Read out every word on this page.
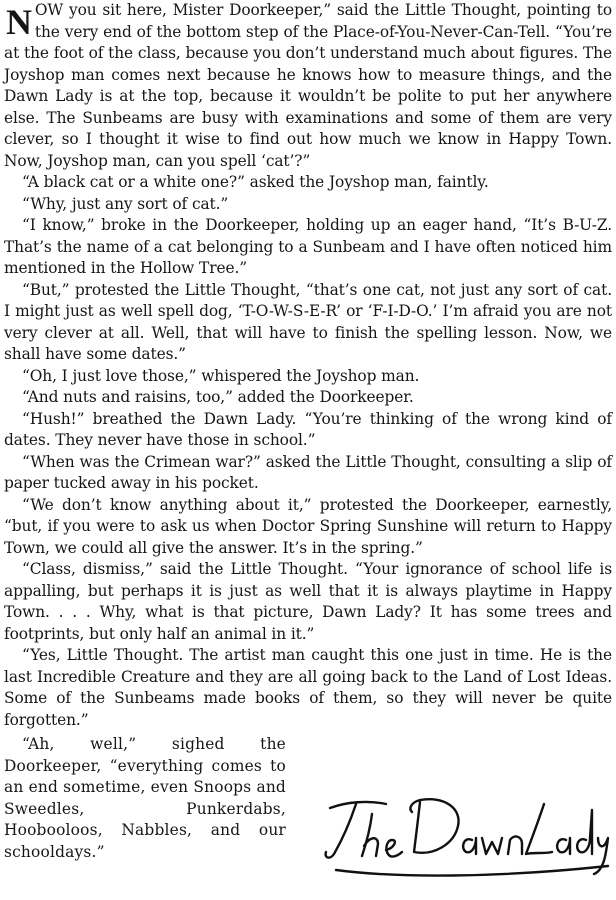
NOW you sit here, Mister Doorkeeper,” said the Little Thought, pointing to the very end of the bottom step of the Place-of-You-Never-Can-Tell. “You’re at the foot of the class, because you don’t understand much about figures. The Joyshop man comes next because he knows how to measure things, and the Dawn Lady is at the top, because it wouldn’t be polite to put her anywhere else. The Sunbeams are busy with examinations and some of them are very clever, so I thought it wise to find out how much we know in Happy Town. Now, Joyshop man, can you spell ‘cat’?”

“A black cat or a white one?” asked the Joyshop man, faintly.

“Why, just any sort of cat.”

“I know,” broke in the Doorkeeper, holding up an eager hand, “It’s B-U-Z. That’s the name of a cat belonging to a Sunbeam and I have often noticed him mentioned in the Hollow Tree.”

“But,” protested the Little Thought, “that’s one cat, not just any sort of cat. I might just as well spell dog, ‘T-O-W-S-E-R’ or ‘F-I-D-O.’ I’m afraid you are not very clever at all. Well, that will have to finish the spelling lesson. Now, we shall have some dates.”

“Oh, I just love those,” whispered the Joyshop man.

“And nuts and raisins, too,” added the Doorkeeper.

“Hush!” breathed the Dawn Lady. “You’re thinking of the wrong kind of dates. They never have those in school.”

“When was the Crimean war?” asked the Little Thought, consulting a slip of paper tucked away in his pocket.

“We don’t know anything about it,” protested the Doorkeeper, earnestly, “but, if you were to ask us when Doctor Spring Sunshine will return to Happy Town, we could all give the answer. It’s in the spring.”

“Class, dismiss,” said the Little Thought. “Your ignorance of school life is appalling, but perhaps it is just as well that it is always playtime in Happy Town. . . . Why, what is that picture, Dawn Lady? It has some trees and footprints, but only half an animal in it.”

“Yes, Little Thought. The artist man caught this one just in time. He is the last Incredible Creature and they are all going back to the Land of Lost Ideas. Some of the Sunbeams made books of them, so they will never be quite forgotten.”

“Ah, well,” sighed the Doorkeeper, “everything comes to an end sometime, even Snoops and Sweedles, Punkerdabs, Hoobooloos, Nabbles, and our schooldays.”
